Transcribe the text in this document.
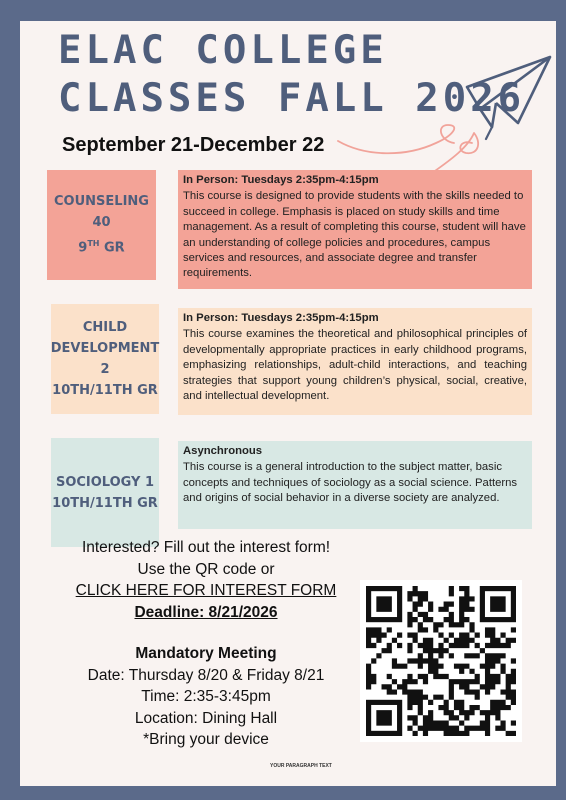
ELAC COLLEGE
CLASSES FALL 2026
September 21-December 22
COUNSELING 40
9TH GR
In Person: Tuesdays 2:35pm-4:15pm
This course is designed to provide students with the skills needed to succeed in college. Emphasis is placed on study skills and time management. As a result of completing this course, student will have an understanding of college policies and procedures, campus services and resources, and associate degree and transfer requirements.
CHILD
DEVELOPMENT 2
10TH/11TH GR
In Person: Tuesdays 2:35pm-4:15pm
This course examines the theoretical and philosophical principles of developmentally appropriate practices in early childhood programs, emphasizing relationships, adult-child interactions, and teaching strategies that support young children’s physical, social, creative, and intellectual development.
SOCIOLOGY 1
10TH/11TH GR
Asynchronous
This course is a general introduction to the subject matter, basic concepts and techniques of sociology as a social science. Patterns and origins of social behavior in a diverse society are analyzed.
Interested? Fill out the interest form!
Use the QR code or
CLICK HERE FOR INTEREST FORM
Deadline: 8/21/2026
Mandatory Meeting
Date: Thursday 8/20 & Friday 8/21
Time: 2:35-3:45pm
Location: Dining Hall
*Bring your device
YOUR PARAGRAPH TEXT
